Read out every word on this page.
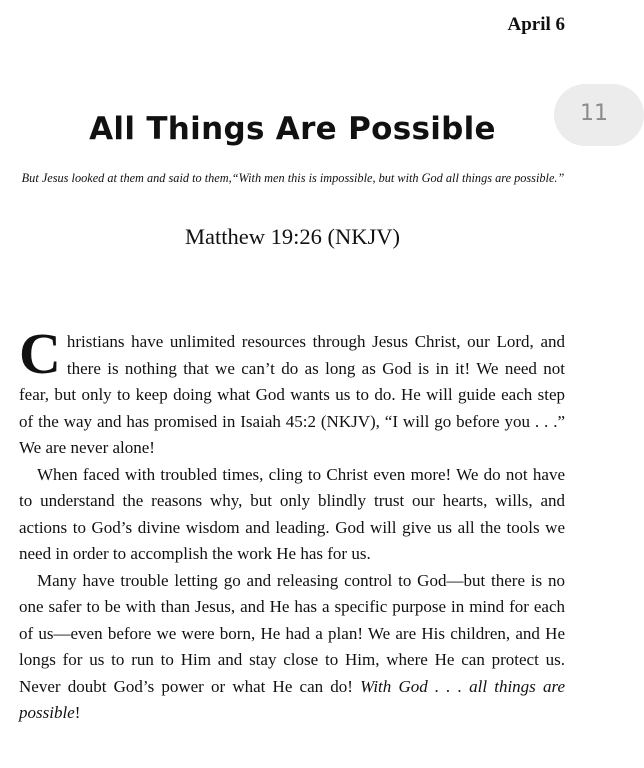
April 6
11
All Things Are Possible
But Jesus looked at them and said to them,“With men this is impossible, but with God all things are possible.”
Matthew 19:26 (NKJV)

Christians have unlimited resources through Jesus Christ, our Lord, and there is nothing that we can’t do as long as God is in it! We need not fear, but only to keep doing what God wants us to do. He will guide each step of the way and has promised in Isaiah 45:2 (NKJV), “I will go before you . . .” We are never alone!

When faced with troubled times, cling to Christ even more! We do not have to understand the reasons why, but only blindly trust our hearts, wills, and actions to God’s divine wisdom and leading. God will give us all the tools we need in order to accomplish the work He has for us.

Many have trouble letting go and releasing control to God—but there is no one safer to be with than Jesus, and He has a specific purpose in mind for each of us—even before we were born, He had a plan! We are His children, and He longs for us to run to Him and stay close to Him, where He can protect us. Never doubt God’s power or what He can do! With God . . . all things are possible!
